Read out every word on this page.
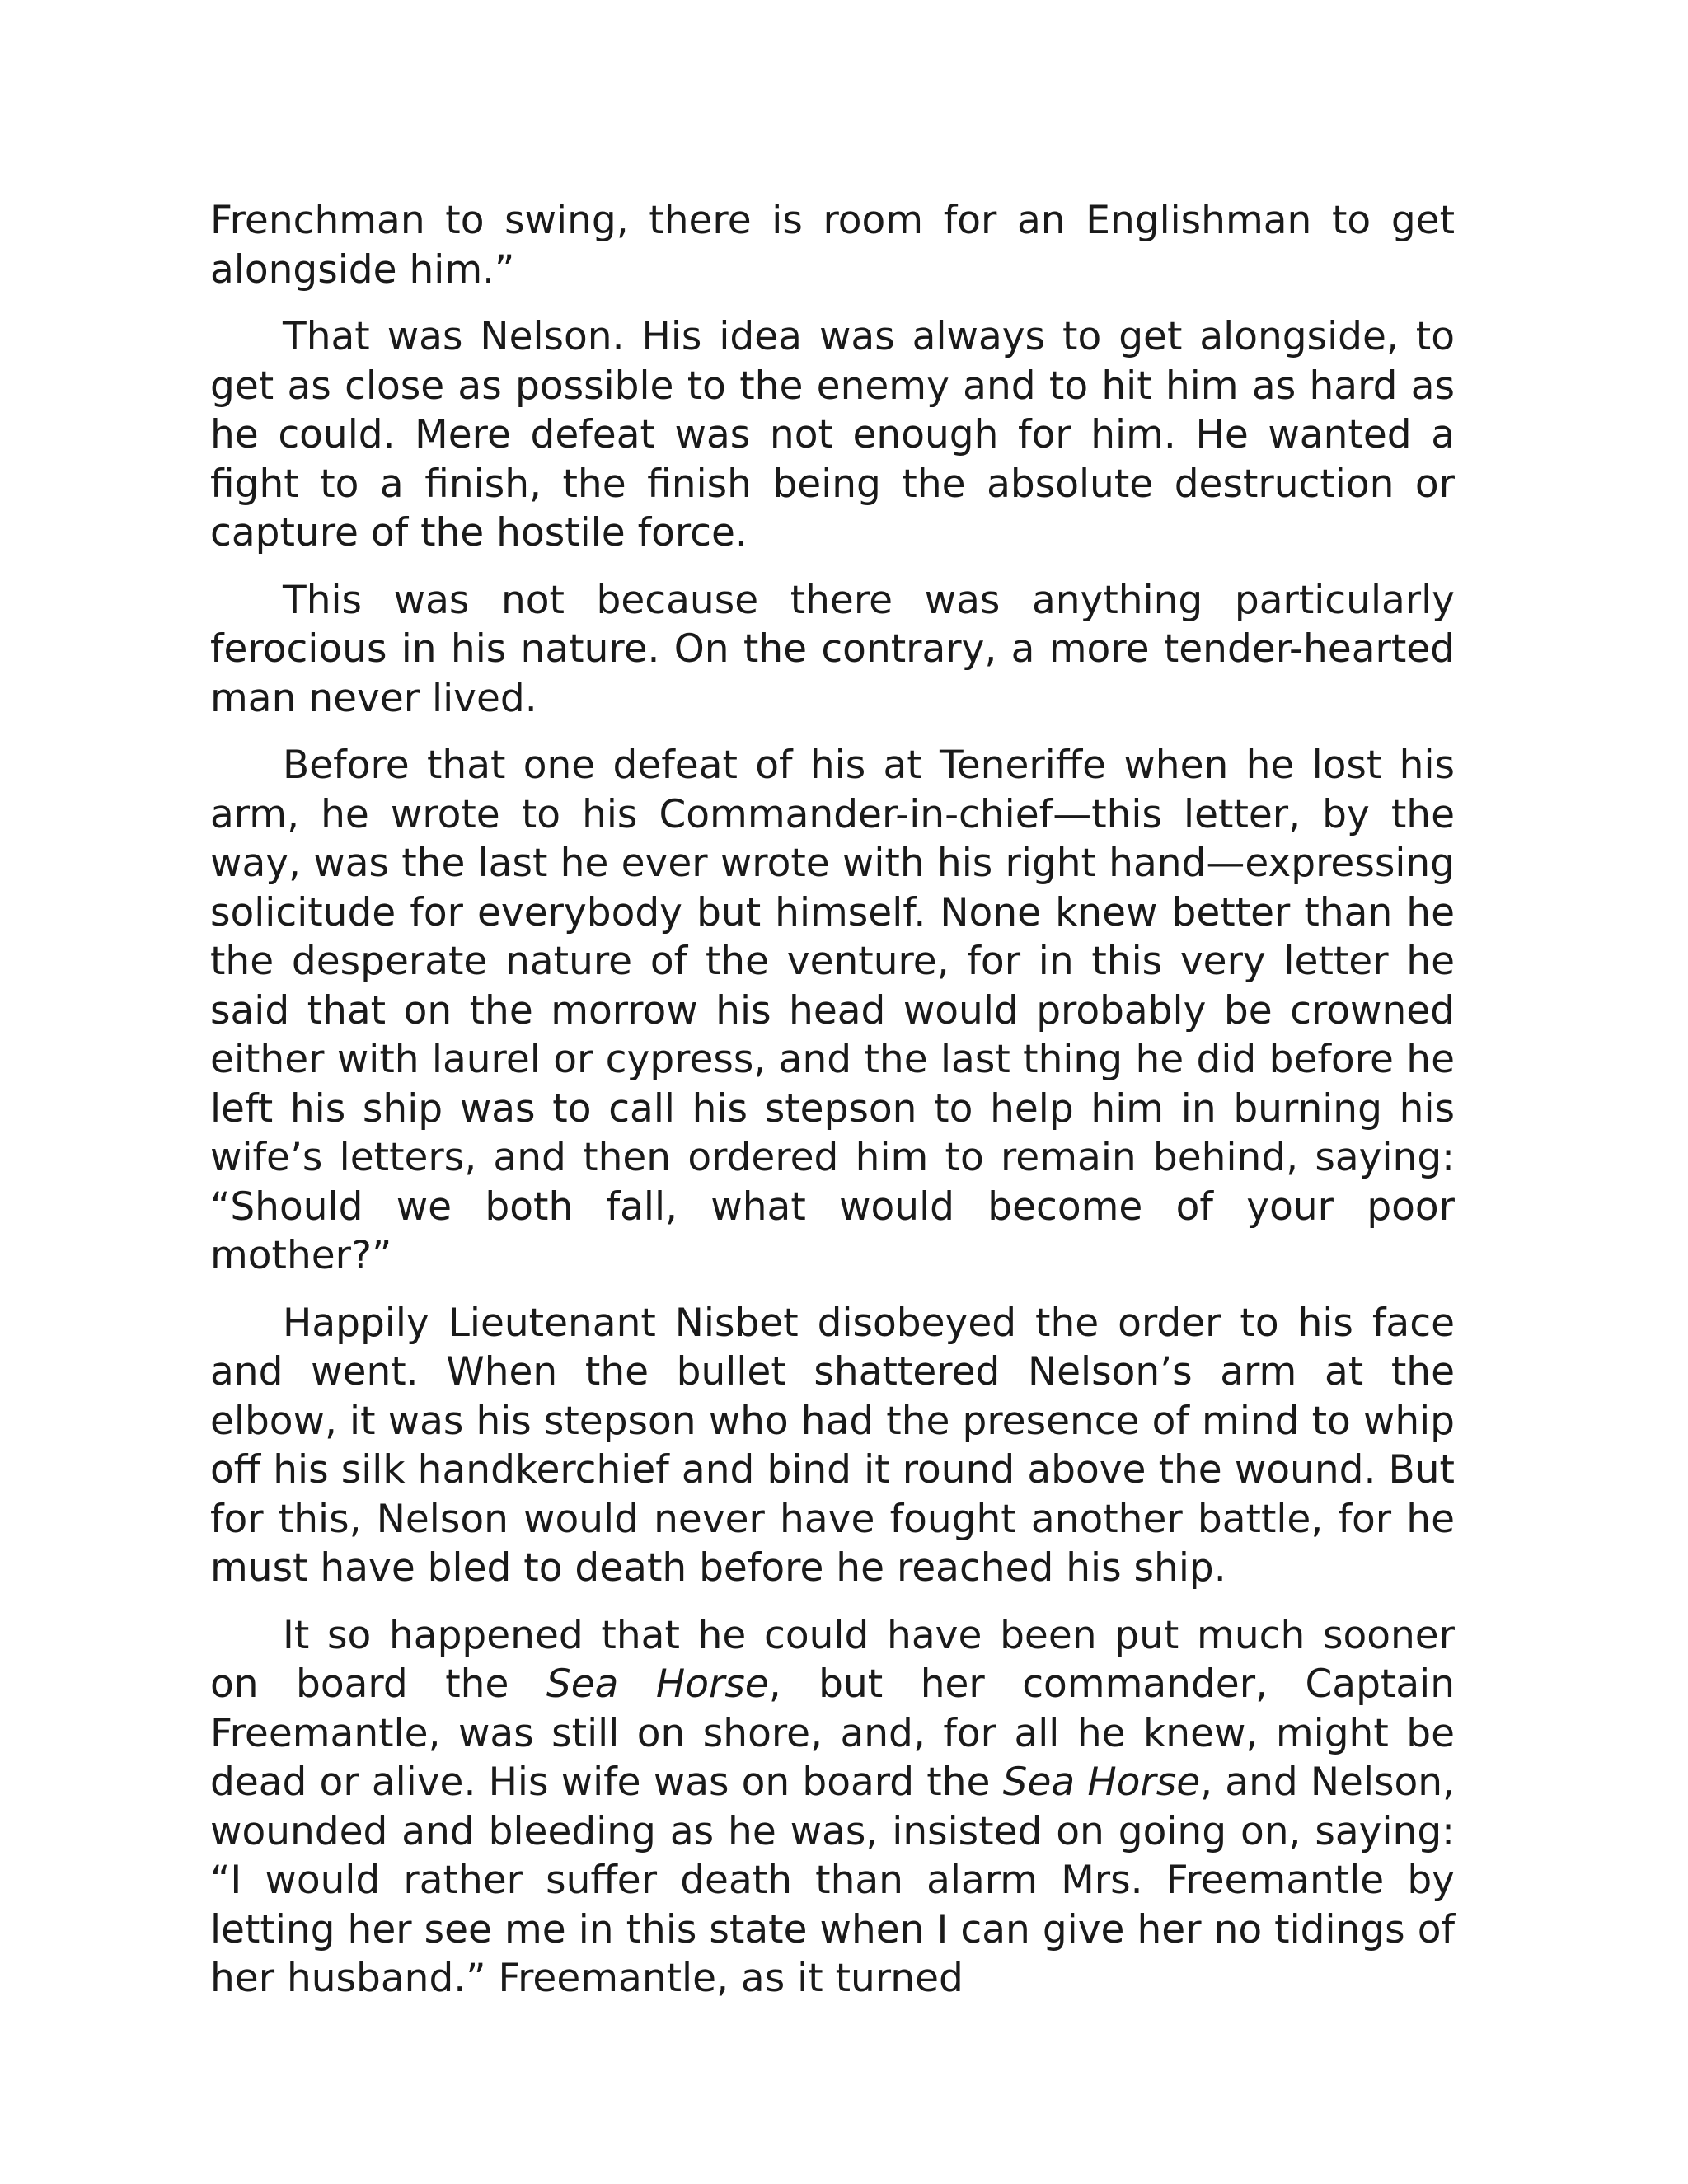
Frenchman to swing, there is room for an Englishman to get alongside him.”

That was Nelson. His idea was always to get alongside, to get as close as possible to the enemy and to hit him as hard as he could. Mere defeat was not enough for him. He wanted a fight to a finish, the finish being the absolute destruction or capture of the hostile force.

This was not because there was anything particularly ferocious in his nature. On the contrary, a more tender-hearted man never lived.

Before that one defeat of his at Teneriffe when he lost his arm, he wrote to his Commander-in-chief—this letter, by the way, was the last he ever wrote with his right hand—expressing solicitude for everybody but himself. None knew better than he the desperate nature of the venture, for in this very letter he said that on the morrow his head would probably be crowned either with laurel or cypress, and the last thing he did before he left his ship was to call his stepson to help him in burning his wife’s letters, and then ordered him to remain behind, saying: “Should we both fall, what would become of your poor mother?”

Happily Lieutenant Nisbet disobeyed the order to his face and went. When the bullet shattered Nelson’s arm at the elbow, it was his stepson who had the presence of mind to whip off his silk handkerchief and bind it round above the wound. But for this, Nelson would never have fought another battle, for he must have bled to death before he reached his ship.

It so happened that he could have been put much sooner on board the Sea Horse, but her commander, Captain Freemantle, was still on shore, and, for all he knew, might be dead or alive. His wife was on board the Sea Horse, and Nelson, wounded and bleeding as he was, insisted on going on, saying: “I would rather suffer death than alarm Mrs. Freemantle by letting her see me in this state when I can give her no tidings of her husband.” Freemantle, as it turned
